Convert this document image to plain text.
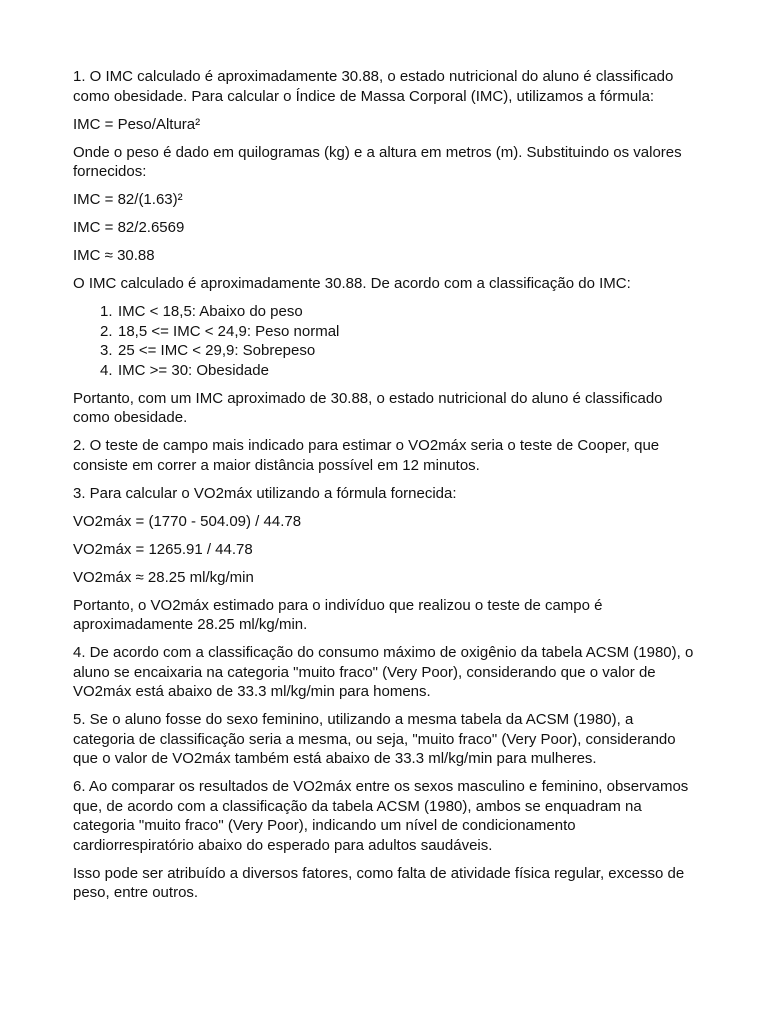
1. O IMC calculado é aproximadamente 30.88, o estado nutricional do aluno é classificado como obesidade. Para calcular o Índice de Massa Corporal (IMC), utilizamos a fórmula:

IMC = Peso/Altura²

Onde o peso é dado em quilogramas (kg) e a altura em metros (m). Substituindo os valores fornecidos:

IMC = 82/(1.63)²

IMC = 82/2.6569

IMC ≈ 30.88

O IMC calculado é aproximadamente 30.88. De acordo com a classificação do IMC:

1. IMC < 18,5: Abaixo do peso
2. 18,5 <= IMC < 24,9: Peso normal
3. 25 <= IMC < 29,9: Sobrepeso
4. IMC >= 30: Obesidade

Portanto, com um IMC aproximado de 30.88, o estado nutricional do aluno é classificado como obesidade.

2. O teste de campo mais indicado para estimar o VO2máx seria o teste de Cooper, que consiste em correr a maior distância possível em 12 minutos.

3. Para calcular o VO2máx utilizando a fórmula fornecida:

VO2máx = (1770 - 504.09) / 44.78

VO2máx = 1265.91 / 44.78

VO2máx ≈ 28.25 ml/kg/min

Portanto, o VO2máx estimado para o indivíduo que realizou o teste de campo é aproximadamente 28.25 ml/kg/min.

4. De acordo com a classificação do consumo máximo de oxigênio da tabela ACSM (1980), o aluno se encaixaria na categoria "muito fraco" (Very Poor), considerando que o valor de VO2máx está abaixo de 33.3 ml/kg/min para homens.

5. Se o aluno fosse do sexo feminino, utilizando a mesma tabela da ACSM (1980), a categoria de classificação seria a mesma, ou seja, "muito fraco" (Very Poor), considerando que o valor de VO2máx também está abaixo de 33.3 ml/kg/min para mulheres.

6. Ao comparar os resultados de VO2máx entre os sexos masculino e feminino, observamos que, de acordo com a classificação da tabela ACSM (1980), ambos se enquadram na categoria "muito fraco" (Very Poor), indicando um nível de condicionamento cardiorrespiratório abaixo do esperado para adultos saudáveis.

Isso pode ser atribuído a diversos fatores, como falta de atividade física regular, excesso de peso, entre outros.
